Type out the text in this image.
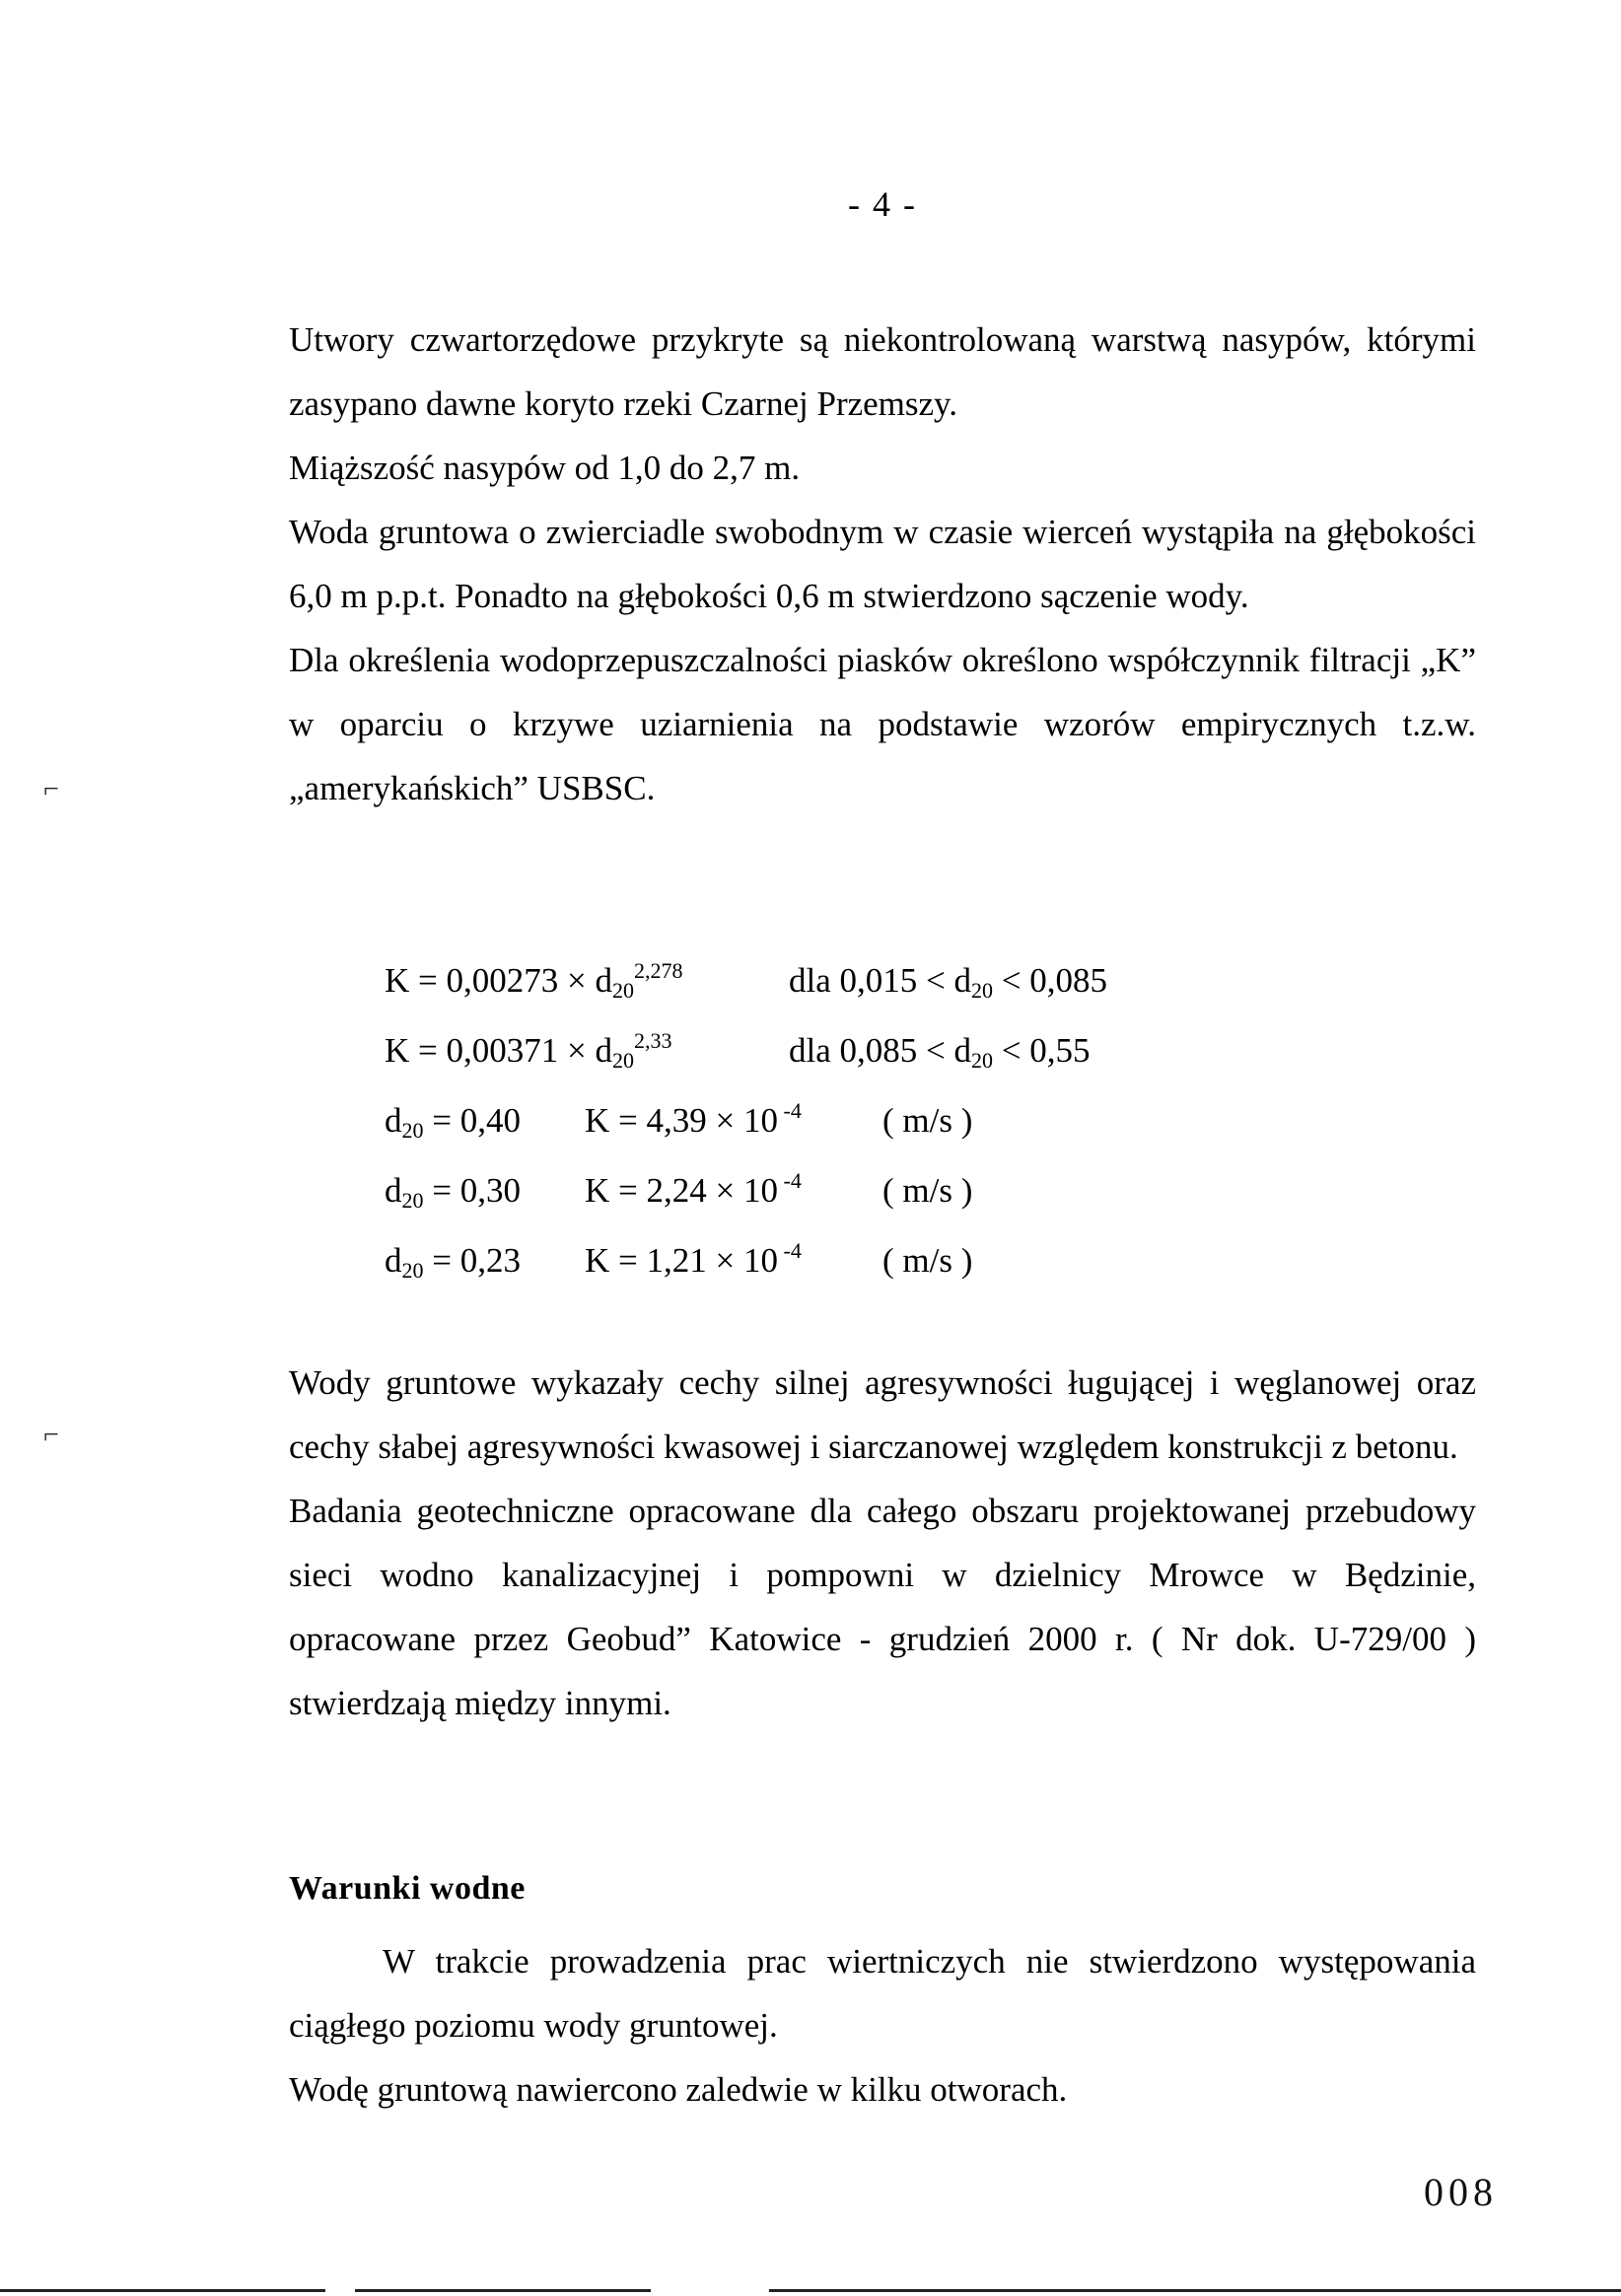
- 4 -

Utwory czwartorzędowe przykryte są niekontrolowaną warstwą nasypów, którymi zasypano dawne koryto rzeki Czarnej Przemszy.

Miąższość nasypów od 1,0 do 2,7 m.

Woda gruntowa o zwierciadle swobodnym w czasie wierceń wystąpiła na głębokości 6,0 m p.p.t. Ponadto na głębokości 0,6 m stwierdzono sączenie wody.

Dla określenia wodoprzepuszczalności piasków określono współczynnik filtracji „K” w oparciu o krzywe uziarnienia na podstawie wzorów empirycznych t.z.w. „amerykańskich” USBSC.

$K = 0,00273 \times d_{20}^{2,278}$	dla $0,015 < d_{20} < 0,085$
$K = 0,00371 \times d_{20}^{2,33}$	dla $0,085 < d_{20} < 0,55$
$d_{20} = 0,40$ K = 4,39 × 10 $^{-4}$ ( m/s )
$d_{20} = 0,30$ K = 2,24 × 10 $^{-4}$ ( m/s )
$d_{20} = 0,23$ K = 1,21 × 10 $^{-4}$ ( m/s )

Wody gruntowe wykazały cechy silnej agresywności ługującej i węglanowej oraz cechy słabej agresywności kwasowej i siarczanowej względem konstrukcji z betonu.

Badania geotechniczne opracowane dla całego obszaru projektowanej przebudowy sieci wodno kanalizacyjnej i pompowni w dzielnicy Mrowce w Będzinie, opracowane przez Geobud” Katowice - grudzień 2000 r. ( Nr dok. U-729/00 ) stwierdzają między innymi.

Warunki wodne

W trakcie prowadzenia prac wiertniczych nie stwierdzono występowania ciągłego poziomu wody gruntowej.

Wodę gruntową nawiercono zaledwie w kilku otworach.

008
⌐
⌐
